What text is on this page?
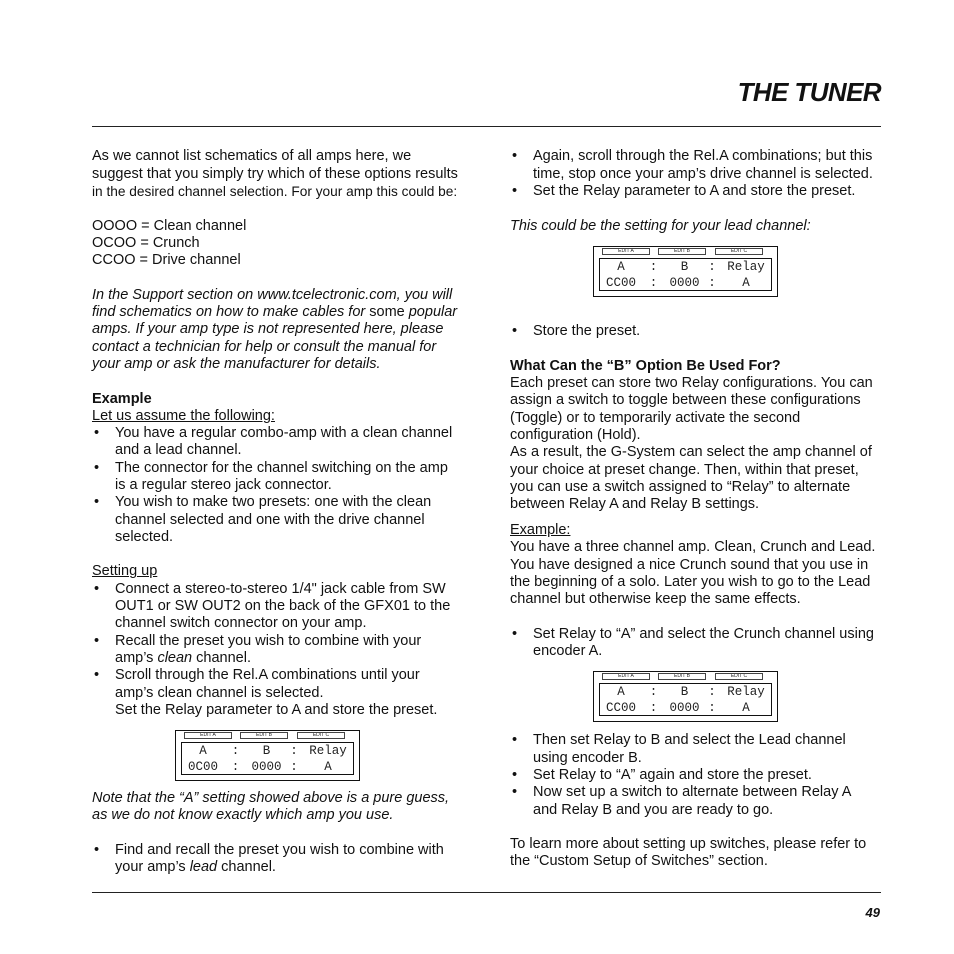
THE TUNER
As we cannot list schematics of all amps here, we
suggest that you simply try which of these options results
in the desired channel selection. For your amp this could be:
OOOO = Clean channel
OCOO = Crunch
CCOO = Drive channel
In the Support section on www.tcelectronic.com, you will
find schematics on how to make cables for some popular
amps. If your amp type is not represented here, please
contact a technician for help or consult the manual for
your amp or ask the manufacturer for details.
Example
Let us assume the following:
• You have a regular combo-amp with a clean channel
and a lead channel.
• The connector for the channel switching on the amp
is a regular stereo jack connector.
• You wish to make two presets: one with the clean
channel selected and one with the drive channel
selected.
Setting up
• Connect a stereo-to-stereo 1/4" jack cable from SW
OUT1 or SW OUT2 on the back of the GFX01 to the
channel switch connector on your amp.
• Recall the preset you wish to combine with your
amp’s clean channel.
• Scroll through the Rel.A combinations until your
amp’s clean channel is selected.
Set the Relay parameter to A and store the preset.
EDIT A	EDIT B	EDIT C
A	:	B	: Relay
0C00	: 0000 :	A
Note that the “A” setting showed above is a pure guess,
as we do not know exactly which amp you use.
• Find and recall the preset you wish to combine with
your amp’s lead channel.
• Again, scroll through the Rel.A combinations; but this
time, stop once your amp’s drive channel is selected.
• Set the Relay parameter to A and store the preset.
This could be the setting for your lead channel:
EDIT A	EDIT B	EDIT C
A	:	B	: Relay
CC00	: 0000 :	A
• Store the preset.
What Can the “B” Option Be Used For?
Each preset can store two Relay configurations. You can
assign a switch to toggle between these configurations
(Toggle) or to temporarily activate the second
configuration (Hold).
As a result, the G-System can select the amp channel of
your choice at preset change. Then, within that preset,
you can use a switch assigned to “Relay” to alternate
between Relay A and Relay B settings.
Example:
You have a three channel amp. Clean, Crunch and Lead.
You have designed a nice Crunch sound that you use in
the beginning of a solo. Later you wish to go to the Lead
channel but otherwise keep the same effects.
• Set Relay to “A” and select the Crunch channel using
encoder A.
EDIT A	EDIT B	EDIT C
A	:	B	: Relay
CC00	: 0000 :	A
• Then set Relay to B and select the Lead channel
using encoder B.
• Set Relay to “A” again and store the preset.
• Now set up a switch to alternate between Relay A
and Relay B and you are ready to go.
To learn more about setting up switches, please refer to
the “Custom Setup of Switches” section.
49
